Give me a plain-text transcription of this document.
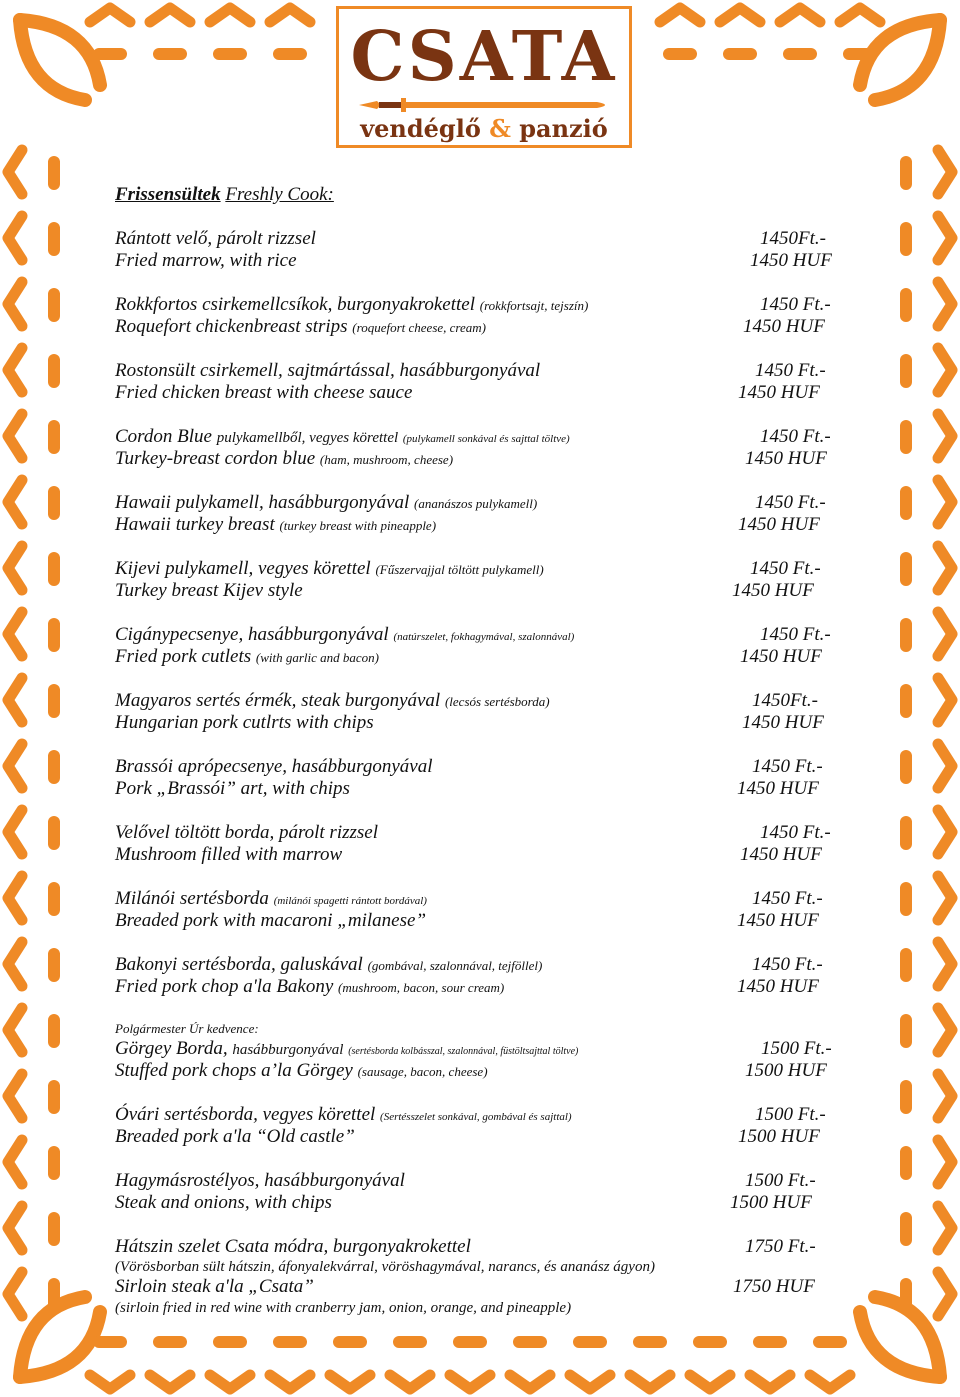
CSATA
vendéglő & panzió
Frissensültek Freshly Cook:
Rántott velő, párolt rizzsel	1450Ft.-
Fried marrow, with rice	1450 HUF
Rokkfortos csirkemellcsíkok, burgonyakrokettel (rokkfortsajt, tejszín)	1450 Ft.-
Roquefort chickenbreast strips (roquefort cheese, cream)	1450 HUF
Rostonsült csirkemell, sajtmártással, hasábburgonyával	1450 Ft.-
Fried chicken breast with cheese sauce	1450 HUF
Cordon Blue pulykamellből, vegyes körettel (pulykamell sonkával és sajttal töltve)	1450 Ft.-
Turkey-breast cordon blue (ham, mushroom, cheese)	1450 HUF
Hawaii pulykamell, hasábburgonyával (ananászos pulykamell)	1450 Ft.-
Hawaii turkey breast (turkey breast with pineapple)	1450 HUF
Kijevi pulykamell, vegyes körettel (Fűszervajjal töltött pulykamell)	1450 Ft.-
Turkey breast Kijev style	1450 HUF
Cigánypecsenye, hasábburgonyával (natúrszelet, fokhagymával, szalonnával)	1450 Ft.-
Fried pork cutlets (with garlic and bacon)	1450 HUF
Magyaros sertés érmék, steak burgonyával (lecsós sertésborda)	1450Ft.-
Hungarian pork cutlrts with chips	1450 HUF
Brassói aprópecsenye, hasábburgonyával	1450 Ft.-
Pork „Brassói” art, with chips	1450 HUF
Velővel töltött borda, párolt rizzsel	1450 Ft.-
Mushroom filled with marrow	1450 HUF
Milánói sertésborda (milánói spagetti rántott bordával)	1450 Ft.-
Breaded pork with macaroni „milanese”	1450 HUF
Bakonyi sertésborda, galuskával (gombával, szalonnával, tejföllel)	1450 Ft.-
Fried pork chop a'la Bakony (mushroom, bacon, sour cream)	1450 HUF
Polgármester Úr kedvence:
Görgey Borda, hasábburgonyával (sertésborda kolbásszal, szalonnával, füstöltsajttal töltve)	1500 Ft.-
Stuffed pork chops a’la Görgey (sausage, bacon, cheese)	1500 HUF
Óvári sertésborda, vegyes körettel (Sertésszelet sonkával, gombával és sajttal)	1500 Ft.-
Breaded pork a'la “Old castle”	1500 HUF
Hagymásrostélyos, hasábburgonyával	1500 Ft.-
Steak and onions, with chips	1500 HUF
Hátszin szelet Csata módra, burgonyakrokettel	1750 Ft.-
(Vörösborban sült hátszin, áfonyalekvárral, vöröshagymával, narancs, és ananász ágyon)
Sirloin steak a'la „Csata”	1750 HUF
(sirloin fried in red wine with cranberry jam, onion, orange, and pineapple)
